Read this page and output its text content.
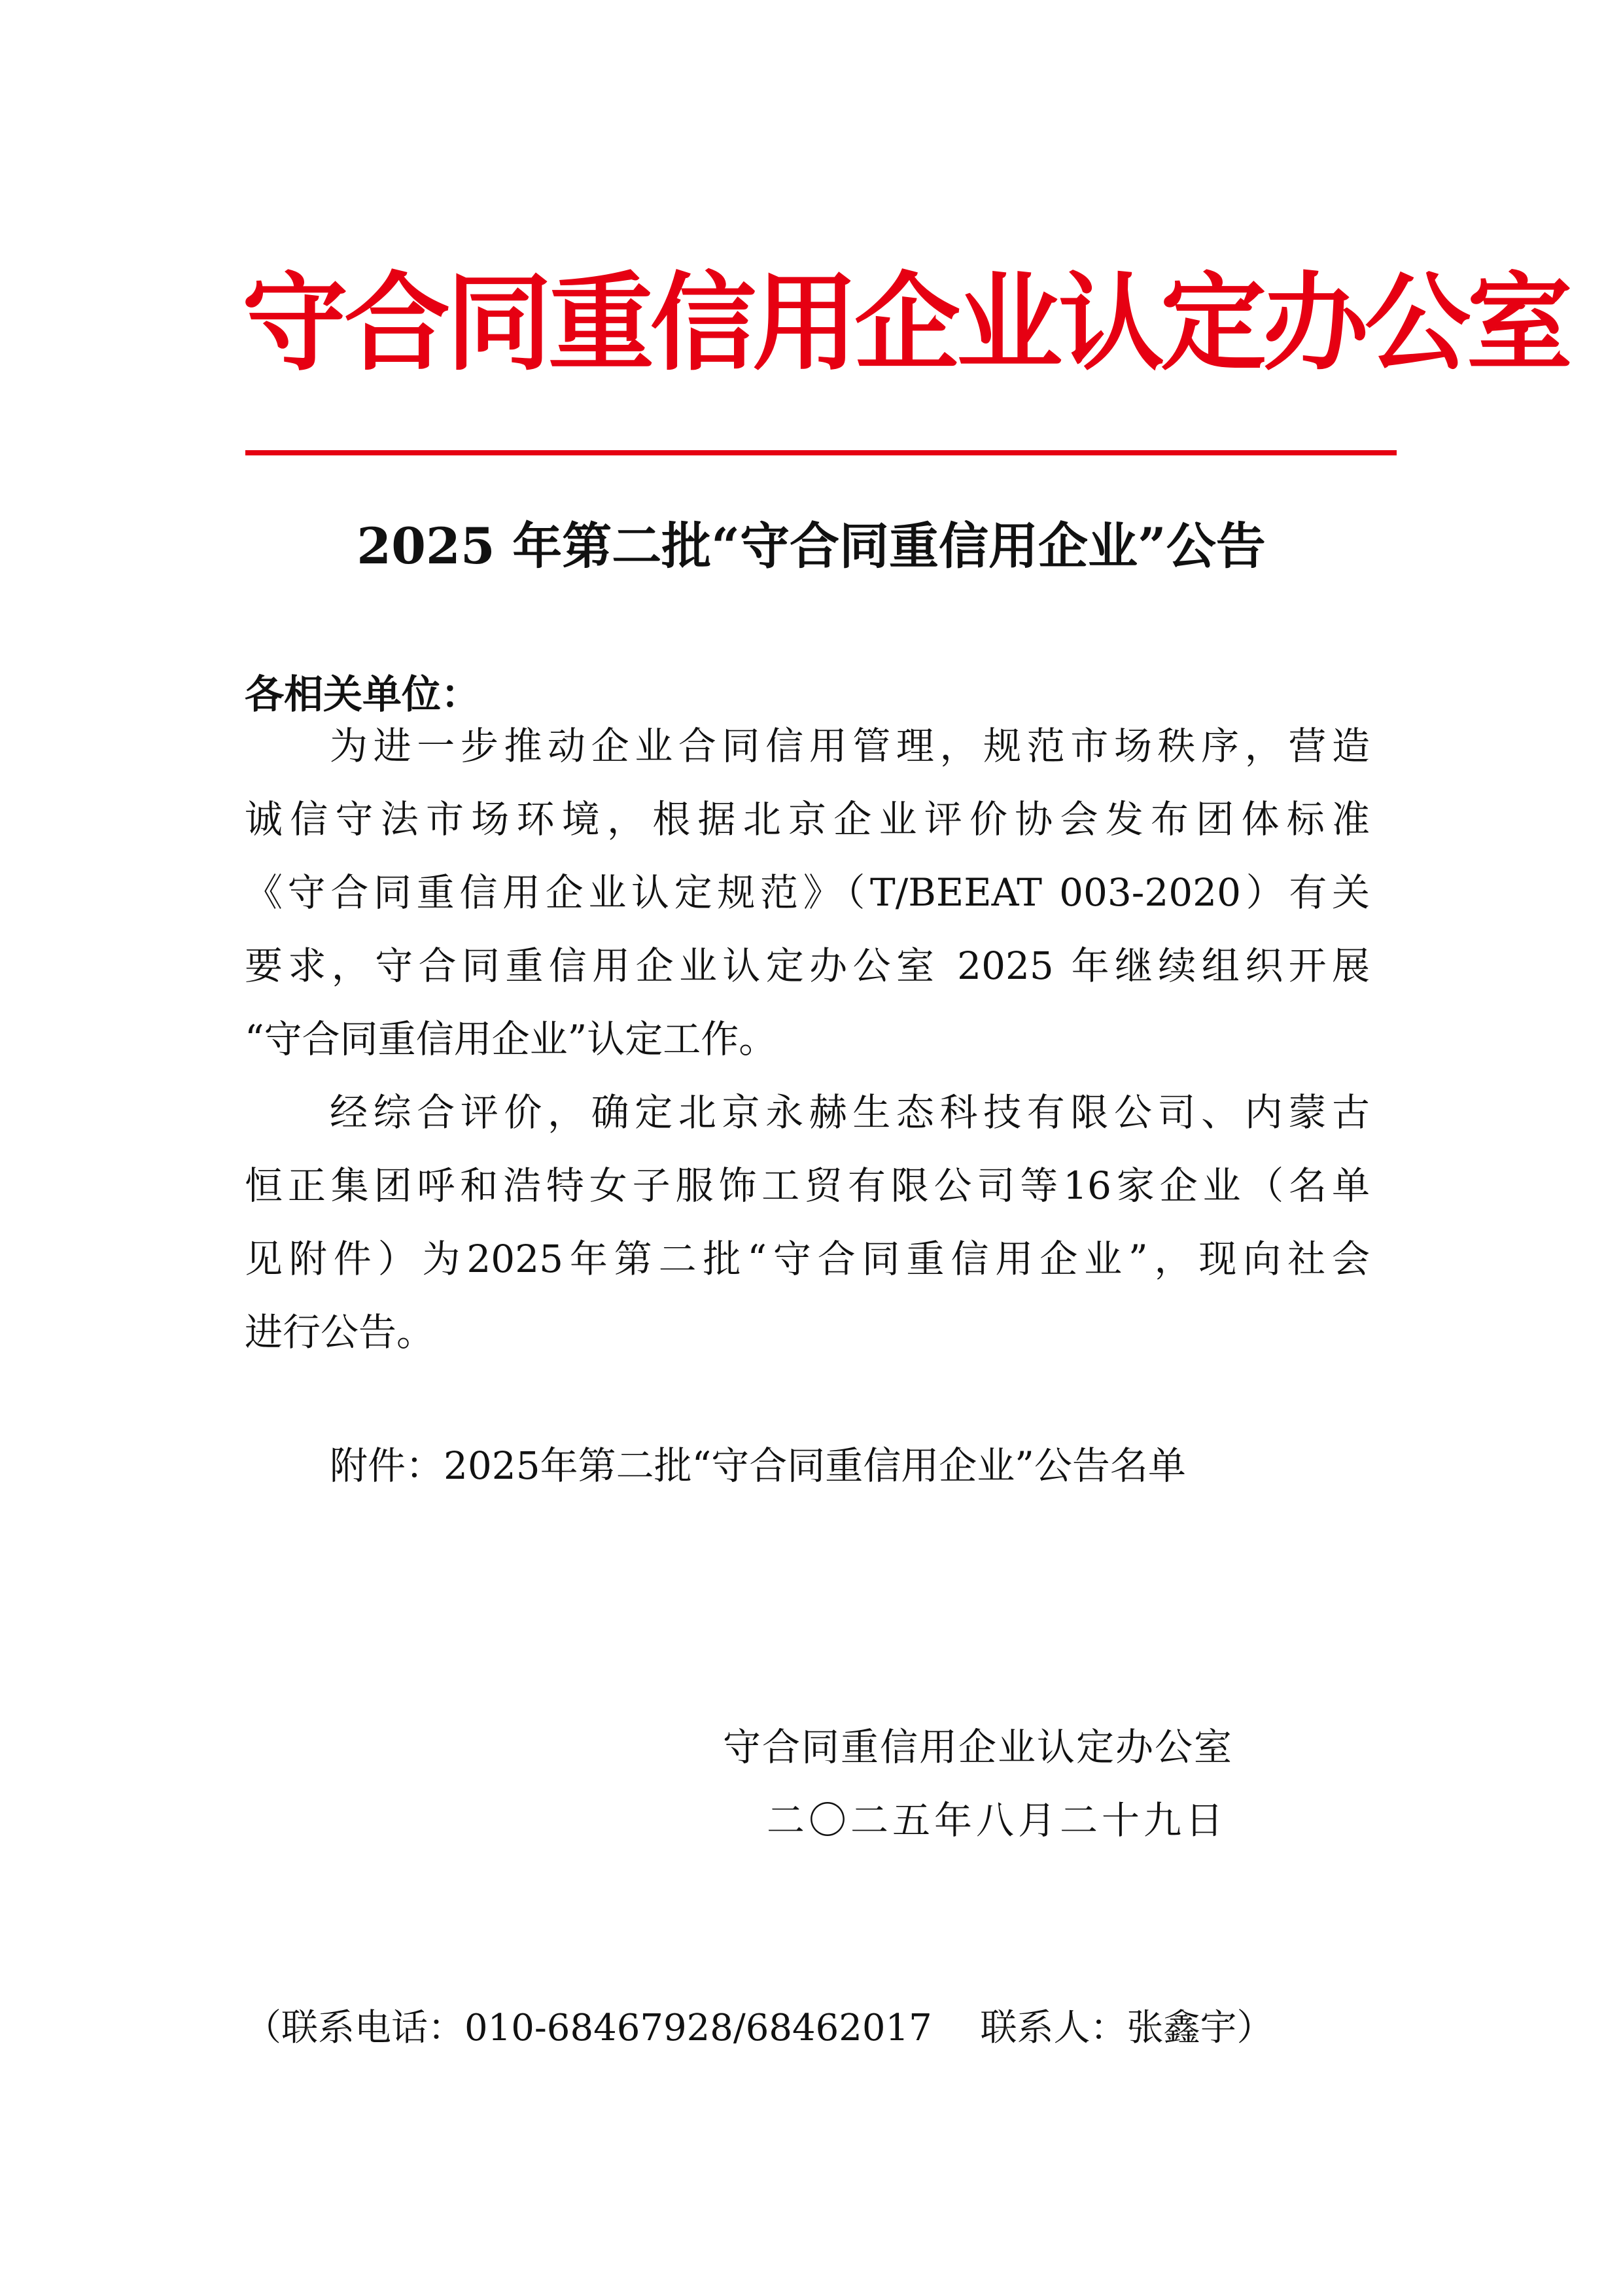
守合同重信用企业认定办公室
2025 年第二批“守合同重信用企业”公告
各相关单位：
为进一步推动企业合同信用管理，规范市场秩序，营造
诚信守法市场环境，根据北京企业评价协会发布团体标准
《守合同重信用企业认定规范》（T/BEEAT 003-2020）有关
要求，守合同重信用企业认定办公室 2025 年继续组织开展
“守合同重信用企业”认定工作。
经综合评价，确定北京永赫生态科技有限公司、内蒙古
恒正集团呼和浩特女子服饰工贸有限公司等16家企业（名单
见附件）为2025年第二批“守合同重信用企业”，现向社会
进行公告。
附件：2025年第二批“守合同重信用企业”公告名单
守合同重信用企业认定办公室
二〇二五年八月二十九日
（联系电话：010-68467928/68462017　 联系人：张鑫宇）
